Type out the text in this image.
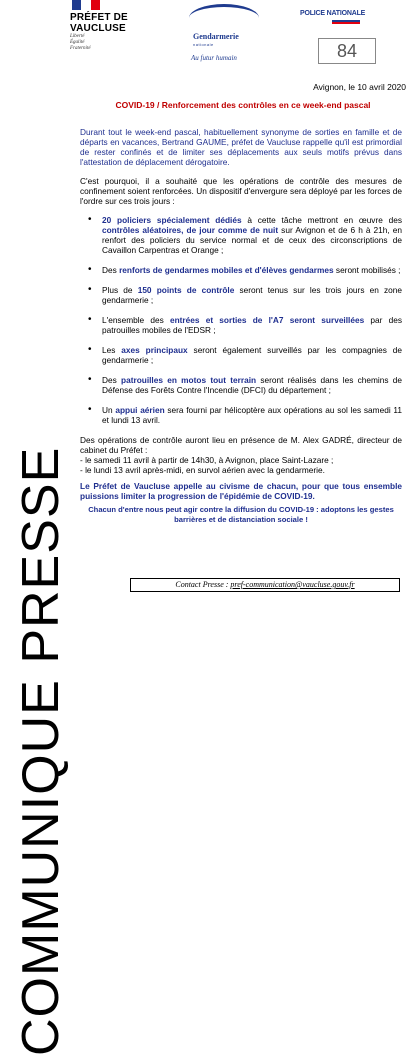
PRÉFET DE VAUCLUSE
Liberté
Égalité
Fraternité
Gendarmerie
nationale
Au futur humain
POLICE NATIONALE
84
COMMUNIQUE PRESSE
Avignon, le 10 avril 2020
COVID-19 / Renforcement des contrôles en ce week-end pascal

Durant tout le week-end pascal, habituellement synonyme de sorties en famille et de départs en vacances, Bertrand GAUME, préfet de Vaucluse rappelle qu'il est primordial de rester confinés et de limiter ses déplacements aux seuls motifs prévus dans l'attestation de déplacement dérogatoire.

C'est pourquoi, il a souhaité que les opérations de contrôle des mesures de confinement soient renforcées. Un dispositif d'envergure sera déployé par les forces de l'ordre sur ces trois jours :

• 20 policiers spécialement dédiés à cette tâche mettront en œuvre des contrôles aléatoires, de jour comme de nuit sur Avignon et de 6 h à 21h, en renfort des policiers du service normal et de ceux des circonscriptions de Cavaillon Carpentras et Orange ;
• Des renforts de gendarmes mobiles et d'élèves gendarmes seront mobilisés ;
• Plus de 150 points de contrôle seront tenus sur les trois jours en zone gendarmerie ;
• L'ensemble des entrées et sorties de l'A7 seront surveillées par des patrouilles mobiles de l'EDSR ;
• Les axes principaux seront également surveillés par les compagnies de gendarmerie ;
• Des patrouilles en motos tout terrain seront réalisés dans les chemins de Défense des Forêts Contre l'Incendie (DFCI) du département ;
• Un appui aérien sera fourni par hélicoptère aux opérations au sol les samedi 11 et lundi 13 avril.

Des opérations de contrôle auront lieu en présence de M. Alex GADRÉ, directeur de cabinet du Préfet :
- le samedi 11 avril à partir de 14h30, à Avignon, place Saint-Lazare ;
- le lundi 13 avril après-midi, en survol aérien avec la gendarmerie.

Le Préfet de Vaucluse appelle au civisme de chacun, pour que tous ensemble puissions limiter la progression de l'épidémie de COVID-19.

Chacun d'entre nous peut agir contre la diffusion du COVID-19 : adoptons les gestes barrières et de distanciation sociale !
Contact Presse : pref-communication@vaucluse.gouv.fr
